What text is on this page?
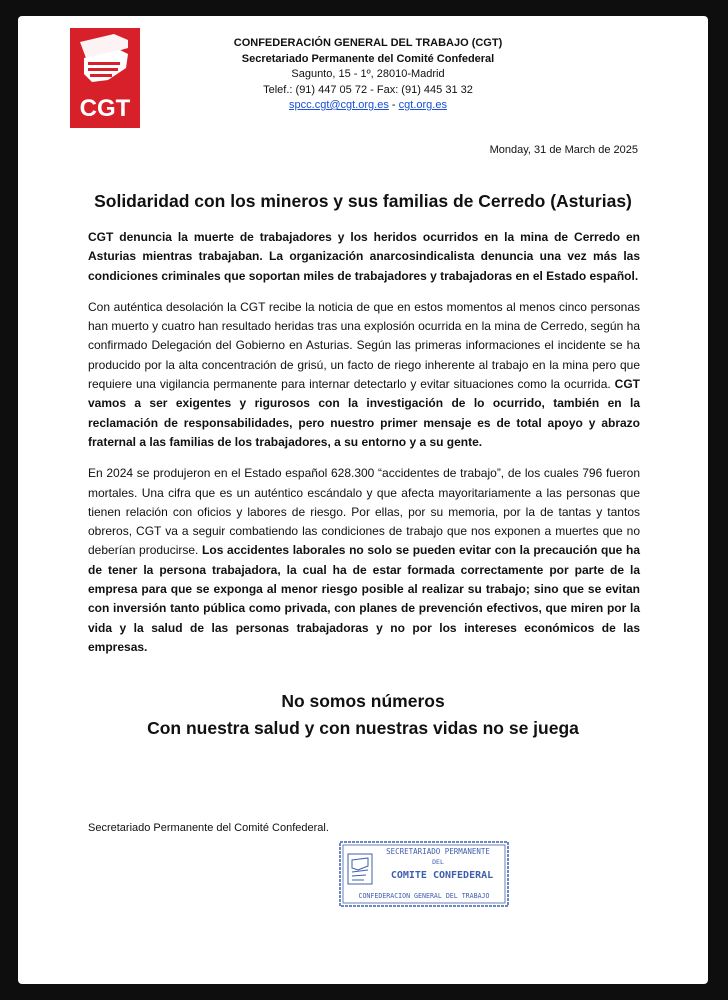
CGT
CONFEDERACIÓN GENERAL DEL TRABAJO (CGT)
Secretariado Permanente del Comité Confederal
Sagunto, 15 - 1º, 28010-Madrid
Telef.: (91) 447 05 72 - Fax: (91) 445 31 32
spcc.cgt@cgt.org.es - cgt.org.es
Monday, 31 de March de 2025
Solidaridad con los mineros y sus familias de Cerredo (Asturias)

CGT denuncia la muerte de trabajadores y los heridos ocurridos en la mina de Cerredo en Asturias mientras trabajaban. La organización anarcosindicalista denuncia una vez más las condiciones criminales que soportan miles de trabajadores y trabajadoras en el Estado español.

Con auténtica desolación la CGT recibe la noticia de que en estos momentos al menos cinco personas han muerto y cuatro han resultado heridas tras una explosión ocurrida en la mina de Cerredo, según ha confirmado Delegación del Gobierno en Asturias. Según las primeras informaciones el incidente se ha producido por la alta concentración de grisú, un facto de riego inherente al trabajo en la mina pero que requiere una vigilancia permanente para internar detectarlo y evitar situaciones como la ocurrida. CGT vamos a ser exigentes y rigurosos con la investigación de lo ocurrido, también en la reclamación de responsabilidades, pero nuestro primer mensaje es de total apoyo y abrazo fraternal a las familias de los trabajadores, a su entorno y a su gente.

En 2024 se produjeron en el Estado español 628.300 “accidentes de trabajo”, de los cuales 796 fueron mortales. Una cifra que es un auténtico escándalo y que afecta mayoritariamente a las personas que tienen relación con oficios y labores de riesgo. Por ellas, por su memoria, por la de tantas y tantos obreros, CGT va a seguir combatiendo las condiciones de trabajo que nos exponen a muertes que no deberían producirse. Los accidentes laborales no solo se pueden evitar con la precaución que ha de tener la persona trabajadora, la cual ha de estar formada correctamente por parte de la empresa para que se exponga al menor riesgo posible al realizar su trabajo; sino que se evitan con inversión tanto pública como privada, con planes de prevención efectivos, que miren por la vida y la salud de las personas trabajadoras y no por los intereses económicos de las empresas.

No somos números
Con nuestra salud y con nuestras vidas no se juega
Secretariado Permanente del Comité Confederal.
SECRETARIADO PERMANENTE
DEL
COMITE CONFEDERAL
CONFEDERACION GENERAL DEL TRABAJO
